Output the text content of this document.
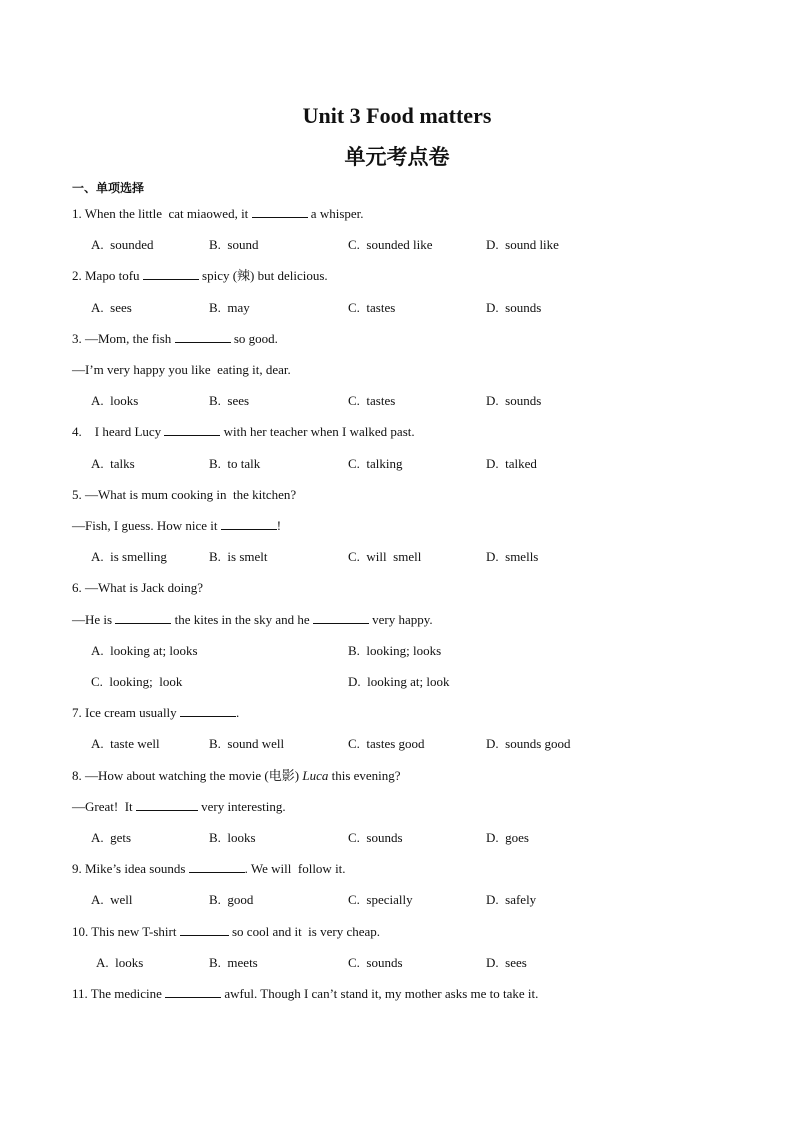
Unit 3 Food matters
单元考点卷
一、单项选择
1. When the little  cat miaowed, it	a whisper.
A.  sounded	B.  sound	C.  sounded like	D.  sound like
2. Mapo tofu	spicy (辣) but delicious.
A.  sees	B.  may	C.  tastes	D.  sounds
3. —Mom, the fish	so good.
—I’m very happy you like  eating it, dear.
A.  looks	B.  sees	C.  tastes	D.  sounds
4.    I heard Lucy	with her teacher when I walked past.
A.  talks	B.  to talk	C.  talking	D.  talked
5. —What is mum cooking in  the kitchen?
—Fish, I guess. How nice it	!
A.  is smelling	B.  is smelt	C.  will  smell	D.  smells
6. —What is Jack doing?
—He is	the kites in the sky and he	very happy.
A.  looking at; looks	B.  looking; looks
C.  looking;  look	D.  looking at; look
7. Ice cream usually	.
A.  taste well	B.  sound well	C.  tastes good	D.  sounds good
8. —How about watching the movie (电影) Luca this evening?
—Great!  It	very interesting.
A.  gets	B.  looks	C.  sounds	D.  goes
9. Mike’s idea sounds	. We will  follow it.
A.  well	B.  good	C.  specially	D.  safely
10. This new T-shirt	so cool and it  is very cheap.
A.  looks	B.  meets	C.  sounds	D.  sees
11. The medicine	awful. Though I can’t stand it, my mother asks me to take it.
